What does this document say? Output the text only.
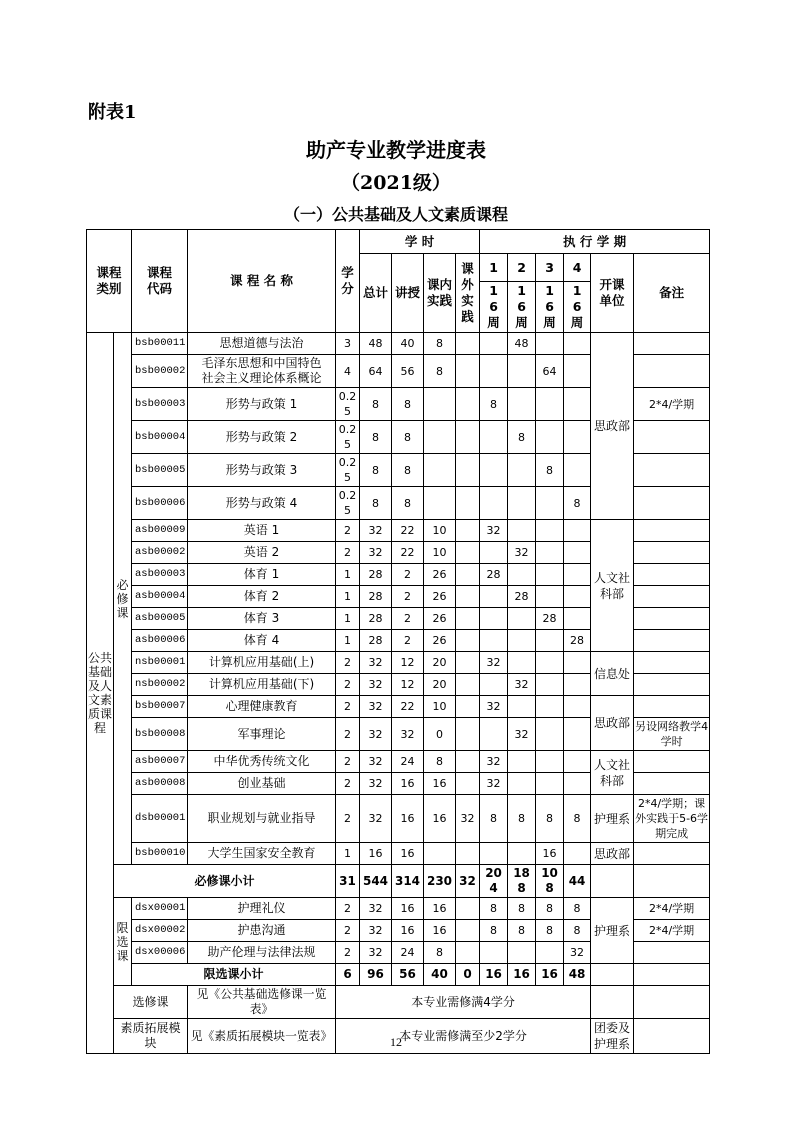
附表1
助产专业教学进度表
（2021级）
（一）公共基础及人文素质课程
课程类别		课程代码	课 程 名 称	学分	学 时				执 行 学 期					
					总计	讲授	课内实践	课外实践	1	2	3	4	开课单位	备注
									16周	16周	16周	16周		
公共基础及人文素质课程	必修课	bsb00011	思想道德与法治	3	48	40	8			48			思政部	
		bsb00002	毛泽东思想和中国特色社会主义理论体系概论	4	64	56	8				64			
		bsb00003	形势与政策 1	0.25	8	8			8					2*4/学期
		bsb00004	形势与政策 2	0.25	8	8				8				
		bsb00005	形势与政策 3	0.25	8	8					8			
		bsb00006	形势与政策 4	0.25	8	8						8		
		asb00009	英语 1	2	32	22	10		32				人文社科部	
		asb00002	英语 2	2	32	22	10			32				
		asb00003	体育 1	1	28	2	26		28					
		asb00004	体育 2	1	28	2	26			28				
		asb00005	体育 3	1	28	2	26				28			
		asb00006	体育 4	1	28	2	26					28		
		nsb00001	计算机应用基础(上)	2	32	12	20		32				信息处	
		nsb00002	计算机应用基础(下)	2	32	12	20			32				
		bsb00007	心理健康教育	2	32	22	10		32				思政部	
		bsb00008	军事理论	2	32	32	0			32				另设网络教学4学时
		asb00007	中华优秀传统文化	2	32	24	8		32				人文社科部	
		asb00008	创业基础	2	32	16	16		32					
		dsb00001	职业规划与就业指导	2	32	16	16	32	8	8	8	8	护理系	2*4/学期；课外实践于5-6学期完成
		bsb00010	大学生国家安全教育	1	16	16					16		思政部	
	必修课小计			31	544	314	230	32	204	188	108	44		
	限选课	dsx00001	护理礼仪	2	32	16	16		8	8	8	8	护理系	2*4/学期
		dsx00002	护患沟通	2	32	16	16		8	8	8	8		2*4/学期
		dsx00006	助产伦理与法律法规	2	32	24	8					32		
		限选课小计		6	96	56	40	0	16	16	16	48		
	选修课		见《公共基础选修课一览表》	本专业需修满4学分										
	素质拓展模块		见《素质拓展模块一览表》	本专业需修满至少2学分									团委及护理系	
12
